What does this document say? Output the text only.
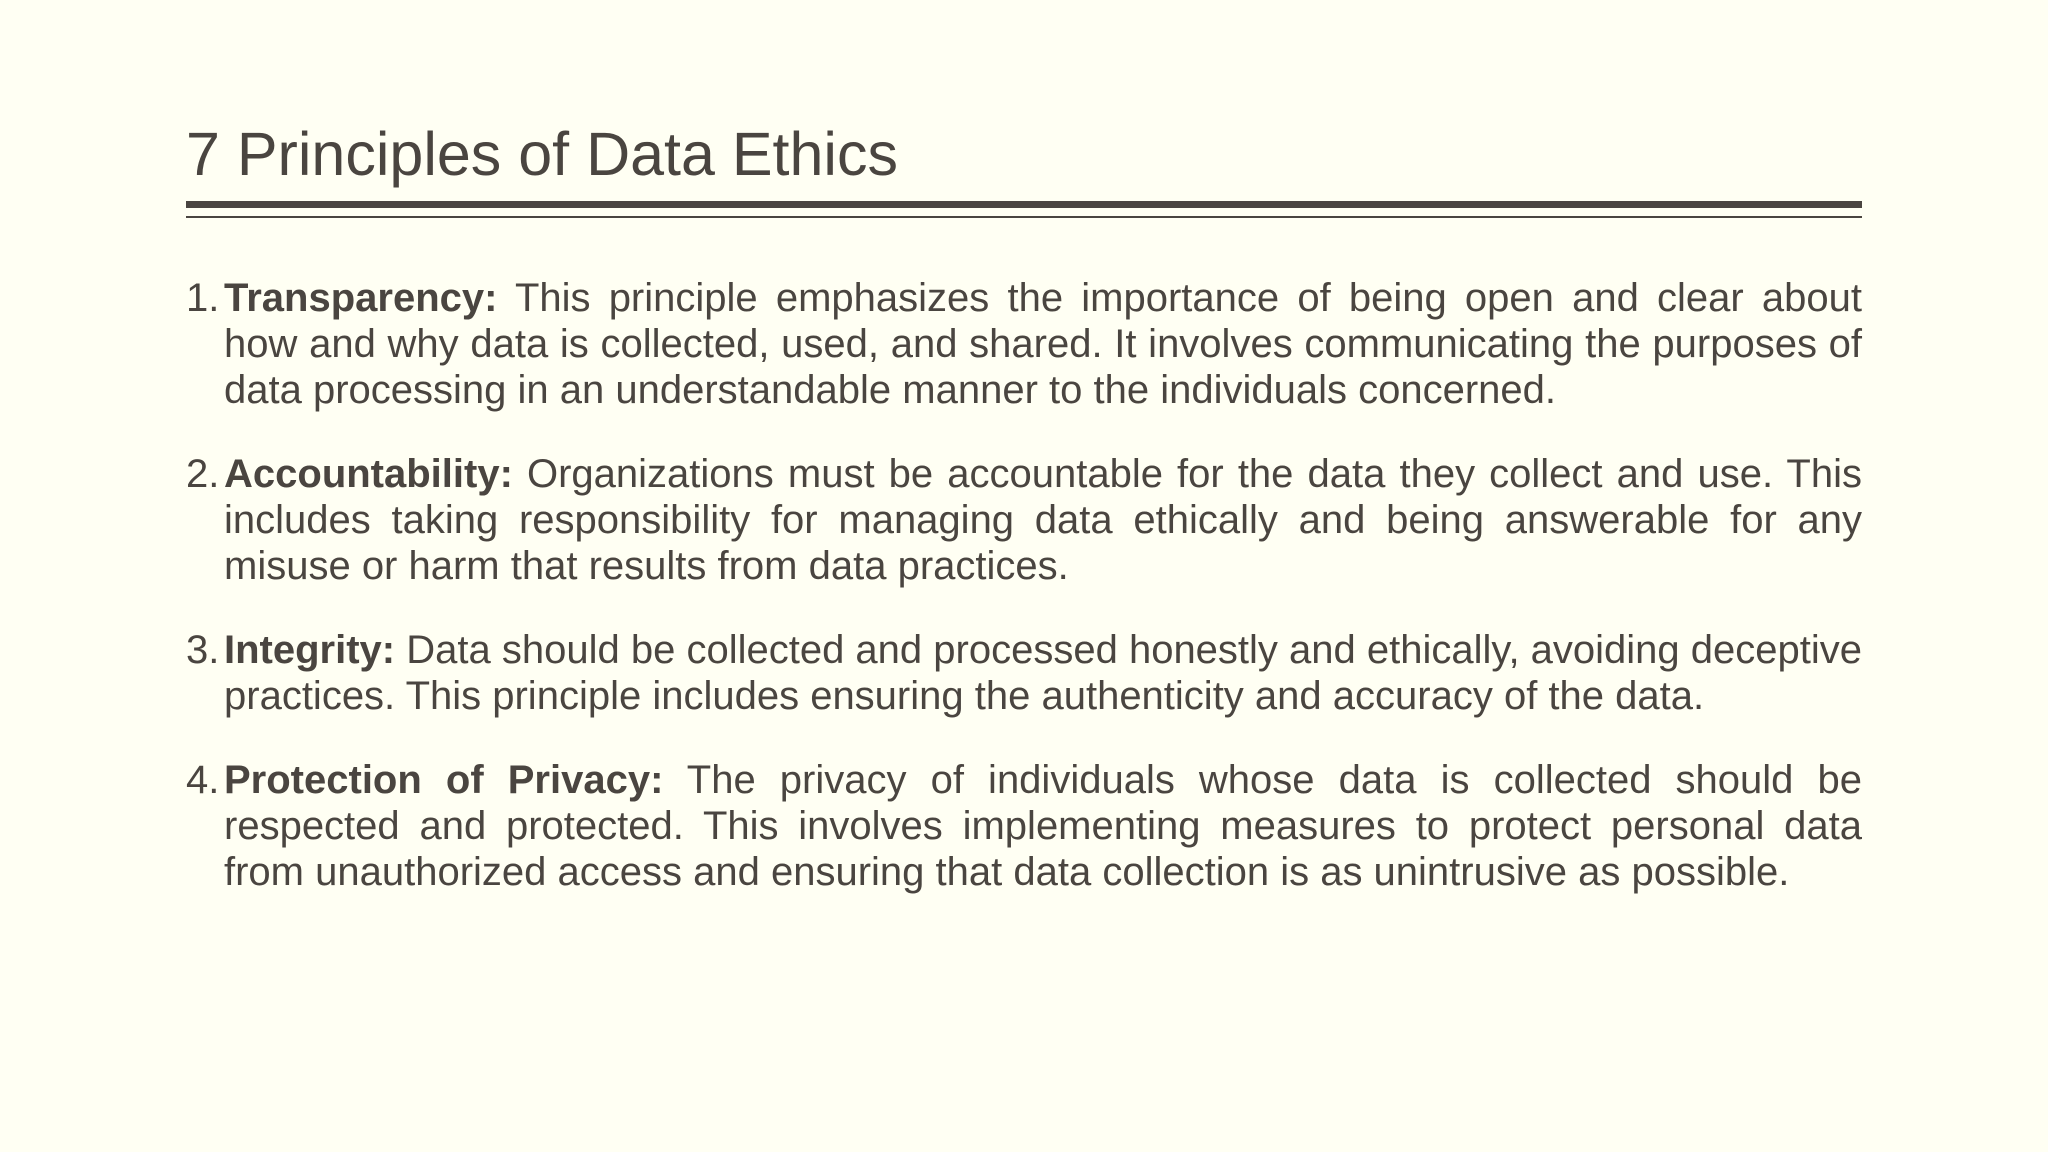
7 Principles of Data Ethics
1. Transparency: This principle emphasizes the importance of being open and clear about how and why data is collected, used, and shared. It involves communicating the purposes of data processing in an understandable manner to the individuals concerned.
2. Accountability: Organizations must be accountable for the data they collect and use. This includes taking responsibility for managing data ethically and being answerable for any misuse or harm that results from data practices.
3. Integrity: Data should be collected and processed honestly and ethically, avoiding deceptive practices. This principle includes ensuring the authenticity and accuracy of the data.
4. Protection of Privacy: The privacy of individuals whose data is collected should be respected and protected. This involves implementing measures to protect personal data from unauthorized access and ensuring that data collection is as unintrusive as possible.
